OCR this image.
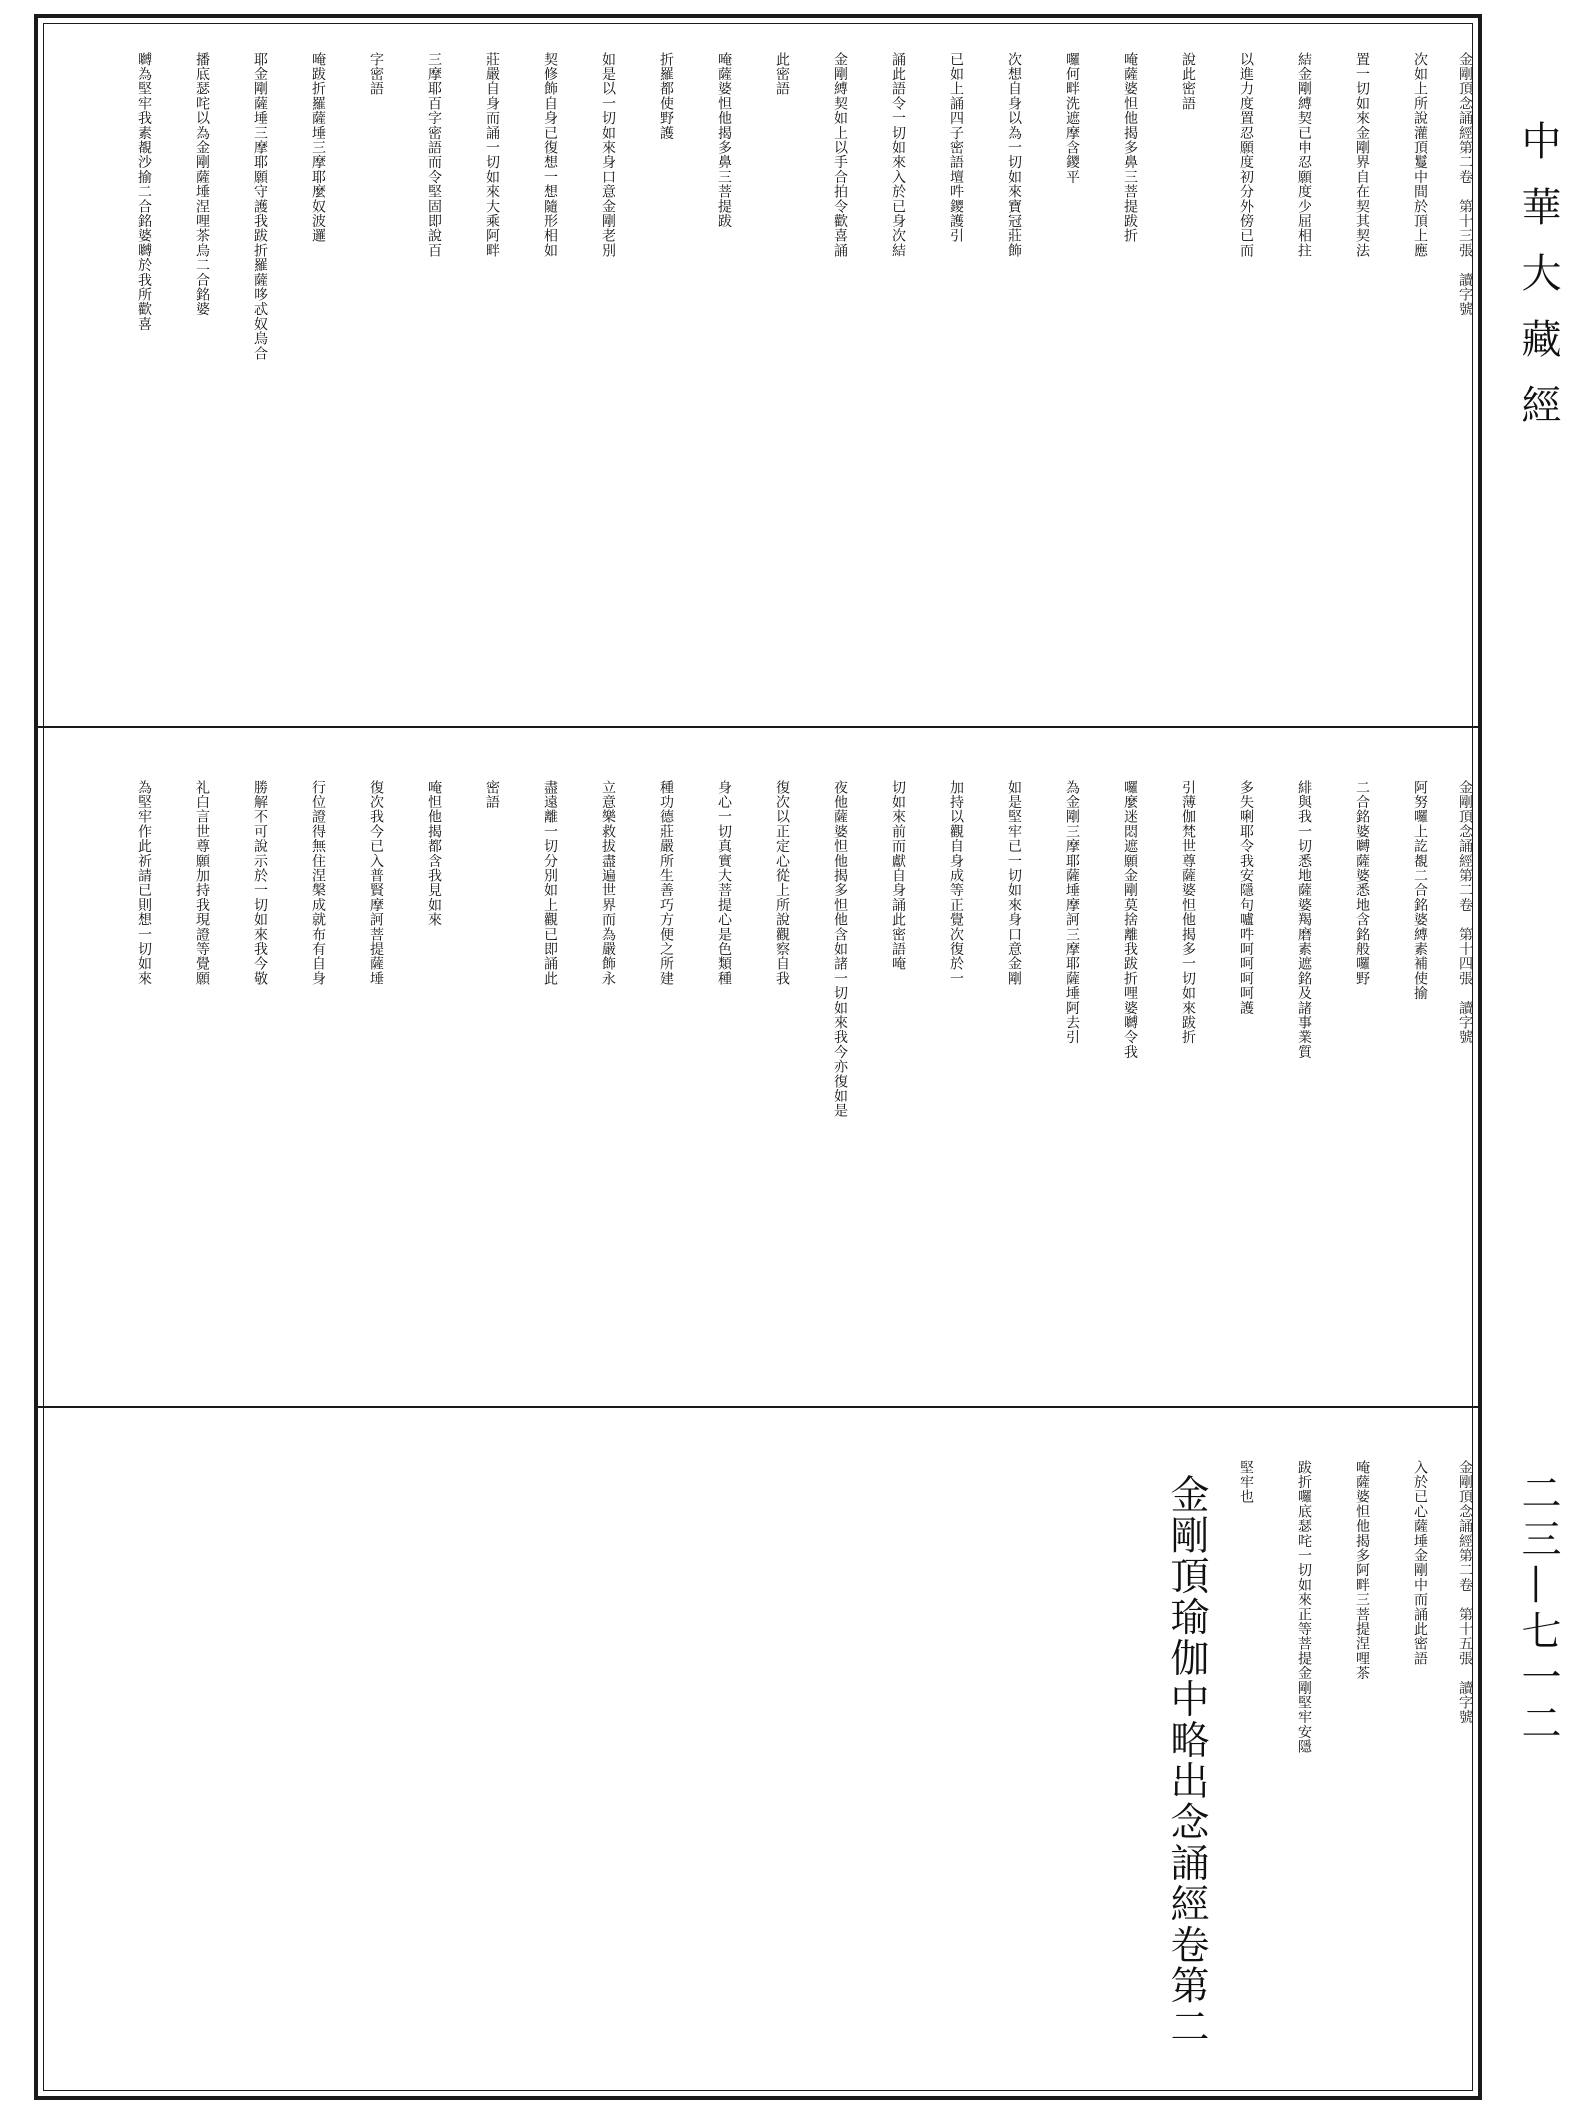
中華大藏經
二三—七一二
金剛頂念誦經第二卷　第十三張　讀字號
次如上所說灌頂鬘中間於頂上應
置一切如來金剛界自在契其契法
結金剛縛契已申忍願度少屈相拄
以進力度置忍願度初分外傍已而
說此密語
唵薩婆怛他揭多鼻三菩提跋折
囉何畔洗遮摩含鑁平
次想自身以為一切如來寶冠莊飾
已如上誦四子密語壇吽鑁護引
誦此語令一切如來入於已身次結
金剛縛契如上以手合拍令歡喜誦
此密語
唵薩婆怛他揭多鼻三菩提跋
折羅都使野護
如是以一切如來身口意金剛老別
契修飾自身已復想一想隨形相如
莊嚴自身而誦一切如來大乘阿畔
三摩耶百字密語而令堅固即說百
字密語
唵跋折羅薩埵三摩耶麼奴波邏
耶金剛薩埵三摩耶願守護我跋折羅薩哆忒奴烏合
播底瑟咤以為金剛薩埵涅哩茶烏二合銘婆
嚩為堅牢我素覩沙揄二合銘婆嚩於我所歡喜
金剛頂念誦經第二卷　第十四張　讀字號
阿努囉上訖覩二合銘婆縛素補使揄
二合銘婆嚩薩婆悉地含銘般囉野
緋與我一切悉地薩婆羯磨素遮銘及諸事業質
多失唎耶令我安隱句嚧吽呵呵呵呵護
引薄伽梵世尊薩婆怛他揭多一切如來跋折
囉麼迷悶遮願金剛莫捨離我跋折哩婆嚩令我
為金剛三摩耶薩埵摩訶三摩耶薩埵阿去引
如是堅牢已一切如來身口意金剛
加持以觀自身成等正覺次復於一
切如來前而獻自身誦此密語唵
夜他薩婆怛他揭多怛他含如諸一切如來我今亦復如是
復次以正定心從上所說觀察自我
身心一切真實大菩提心是色類種
種功德莊嚴所生善巧方便之所建
立意樂救拔盡遍世界而為嚴飾永
盡遠離一切分別如上觀已即誦此
密語
唵怛他揭都含我見如來
復次我今已入普賢摩訶菩提薩埵
行位證得無住涅槃成就布有自身
勝解不可說示於一切如來我今敬
礼白言世尊願加持我現證等覺願
為堅牢作此祈請已則想一切如來
金剛頂念誦經第二卷　第十五張　讀字號
入於已心薩埵金剛中而誦此密語
唵薩婆怛他揭多阿畔三菩提涅哩茶
跋折囉底瑟咤一切如來正等菩提金剛堅牢安隱
堅牢也
金剛頂瑜伽中略出念誦經卷第二
